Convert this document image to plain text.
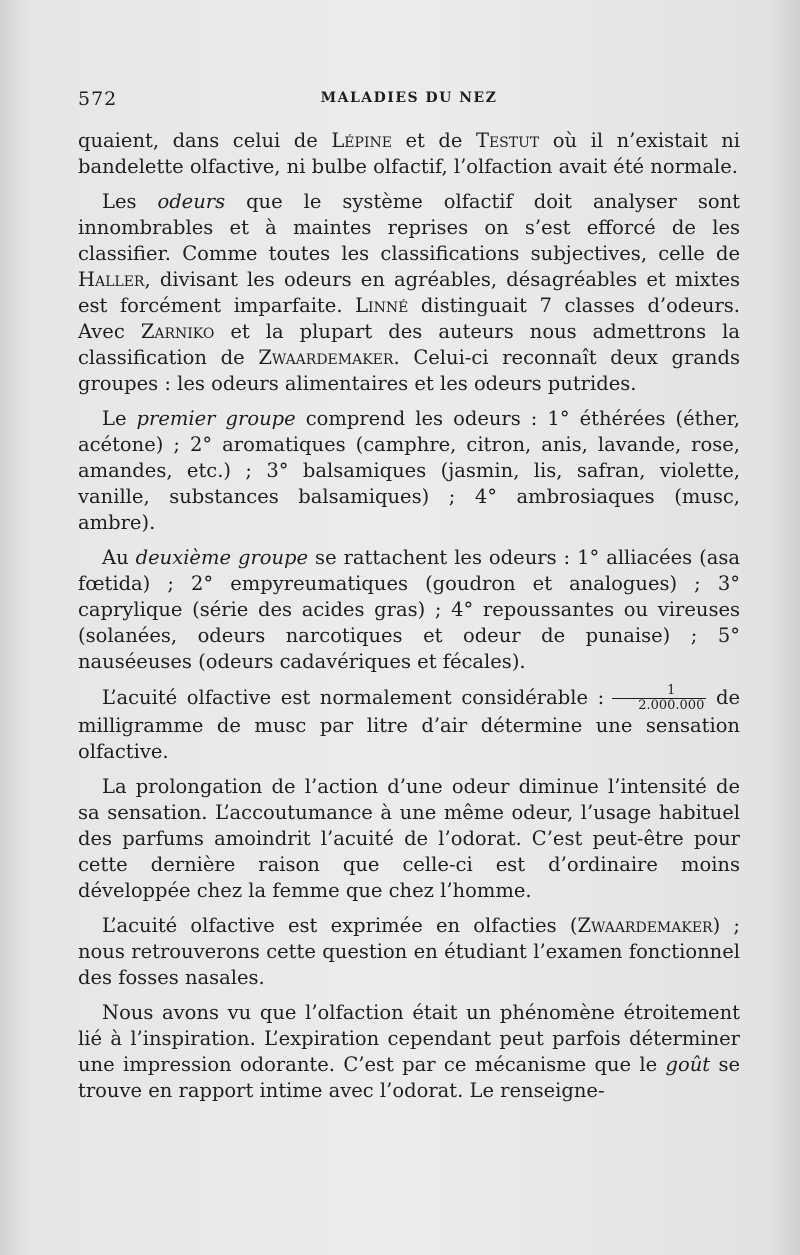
572	MALADIES DU NEZ

quaient, dans celui de Lépine et de Testut où il n’existait ni bandelette olfactive, ni bulbe olfactif, l’olfaction avait été normale.

Les odeurs que le système olfactif doit analyser sont innombrables et à maintes reprises on s’est efforcé de les classifier. Comme toutes les classifications subjectives, celle de Haller, divisant les odeurs en agréables, désagréables et mixtes est forcément imparfaite. Linné distinguait 7 classes d’odeurs. Avec Zarniko et la plupart des auteurs nous admettrons la classification de Zwaardemaker. Celui-ci reconnaît deux grands groupes : les odeurs alimentaires et les odeurs putrides.

Le premier groupe comprend les odeurs : 1° éthérées (éther, acétone) ; 2° aromatiques (camphre, citron, anis, lavande, rose, amandes, etc.) ; 3° balsamiques (jasmin, lis, safran, violette, vanille, substances balsamiques) ; 4° ambrosiaques (musc, ambre).

Au deuxième groupe se rattachent les odeurs : 1° alliacées (asa fœtida) ; 2° empyreumatiques (goudron et analogues) ; 3° caprylique (série des acides gras) ; 4° repoussantes ou vireuses (solanées, odeurs narcotiques et odeur de punaise) ; 5° nauséeuses (odeurs cadavériques et fécales).

L’acuité olfactive est normalement considérable : $\frac{1}{2.000.000}$ de milligramme de musc par litre d’air détermine une sensation olfactive.

La prolongation de l’action d’une odeur diminue l’intensité de sa sensation. L’accoutumance à une même odeur, l’usage habituel des parfums amoindrit l’acuité de l’odorat. C’est peut-être pour cette dernière raison que celle-ci est d’ordinaire moins développée chez la femme que chez l’homme.

L’acuité olfactive est exprimée en olfacties (Zwaardemaker) ; nous retrouverons cette question en étudiant l’examen fonctionnel des fosses nasales.

Nous avons vu que l’olfaction était un phénomène étroitement lié à l’inspiration. L’expiration cependant peut parfois déterminer une impression odorante. C’est par ce mécanisme que le goût se trouve en rapport intime avec l’odorat. Le renseigne-
